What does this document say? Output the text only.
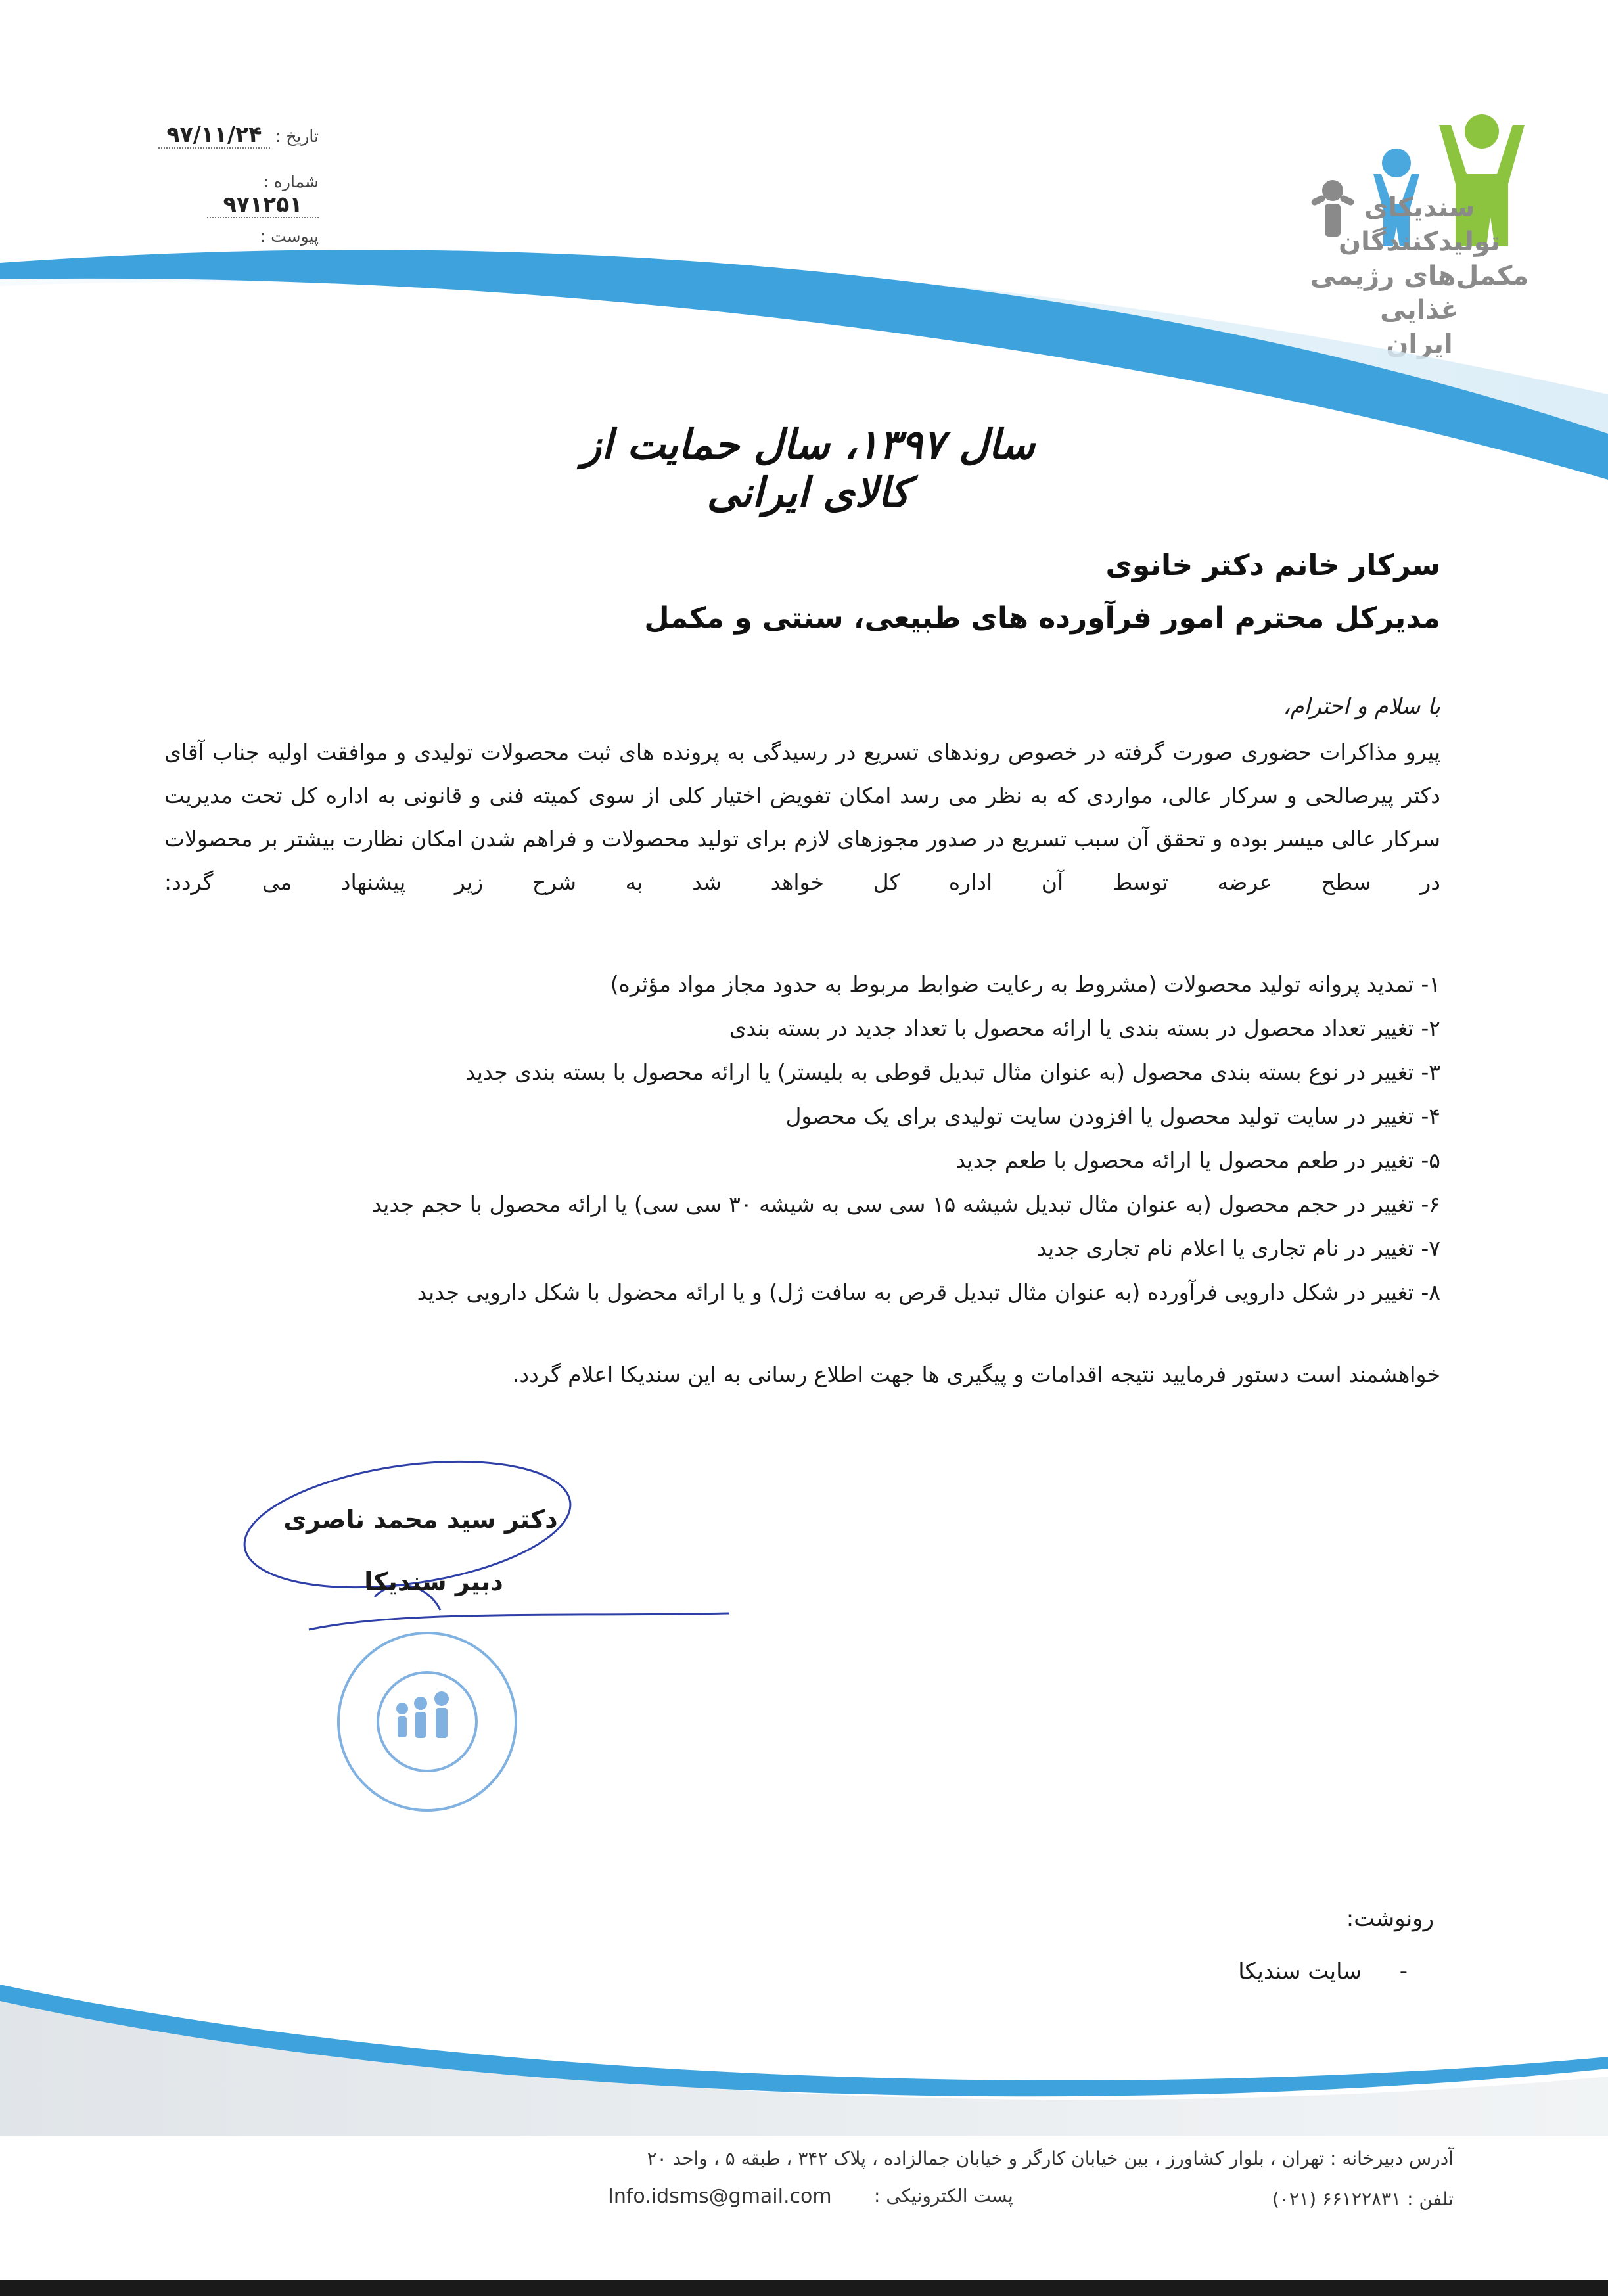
تاریخ : ۹۷/۱۱/۲۴
شماره : ۹۷۱۲۵۱
پیوست :
سندیکای تولیدکنندگان
مکمل‌های رژیمی غذایی
ایران
سال ۱۳۹۷، سال حمایت از کالای ایرانی
سرکار خانم دکتر خانوی
مدیرکل محترم امور فرآورده های طبیعی، سنتی و مکمل
با سلام و احترام،
پیرو مذاکرات حضوری صورت گرفته در خصوص روندهای تسریع در رسیدگی به پرونده های ثبت محصولات تولیدی و موافقت اولیه جناب آقای دکتر پیرصالحی و سرکار عالی، مواردی که به نظر می رسد امکان تفویض اختیار کلی از سوی کمیته فنی و قانونی به اداره کل تحت مدیریت سرکار عالی میسر بوده و تحقق آن سبب تسریع در صدور مجوزهای لازم برای تولید محصولات و فراهم شدن امکان نظارت بیشتر بر محصولات در سطح عرضه توسط آن اداره کل خواهد شد به شرح زیر پیشنهاد می گردد:
۱- تمدید پروانه تولید محصولات (مشروط به رعایت ضوابط مربوط به حدود مجاز مواد مؤثره)
۲- تغییر تعداد محصول در بسته بندی یا ارائه محصول با تعداد جدید در بسته بندی
۳- تغییر در نوع بسته بندی محصول (به عنوان مثال تبدیل قوطی به بلیستر) یا ارائه محصول با بسته بندی جدید
۴- تغییر در سایت تولید محصول یا افزودن سایت تولیدی برای یک محصول
۵- تغییر در طعم محصول یا ارائه محصول با طعم جدید
۶- تغییر در حجم محصول (به عنوان مثال تبدیل شیشه ۱۵ سی سی به شیشه ۳۰ سی سی) یا ارائه محصول با حجم جدید
۷- تغییر در نام تجاری یا اعلام نام تجاری جدید
۸- تغییر در شکل دارویی فرآورده (به عنوان مثال تبدیل قرص به سافت ژل) و یا ارائه محضول با شکل دارویی جدید
خواهشمند است دستور فرمایید نتیجه اقدامات و پیگیری ها جهت اطلاع رسانی به این سندیکا اعلام گردد.
دکتر سید محمد ناصری
دبیر سندیکا
رونوشت:
-
سایت سندیکا
آدرس دبیرخانه : تهران ، بلوار کشاورز ، بین خیابان کارگر و خیابان جمالزاده ، پلاک ۳۴۲ ، طبقه ۵ ، واحد ۲۰
تلفن : ۶۶۱۲۲۸۳۱ (۰۲۱)
پست الکترونیکی :
Info.idsms@gmail.com
